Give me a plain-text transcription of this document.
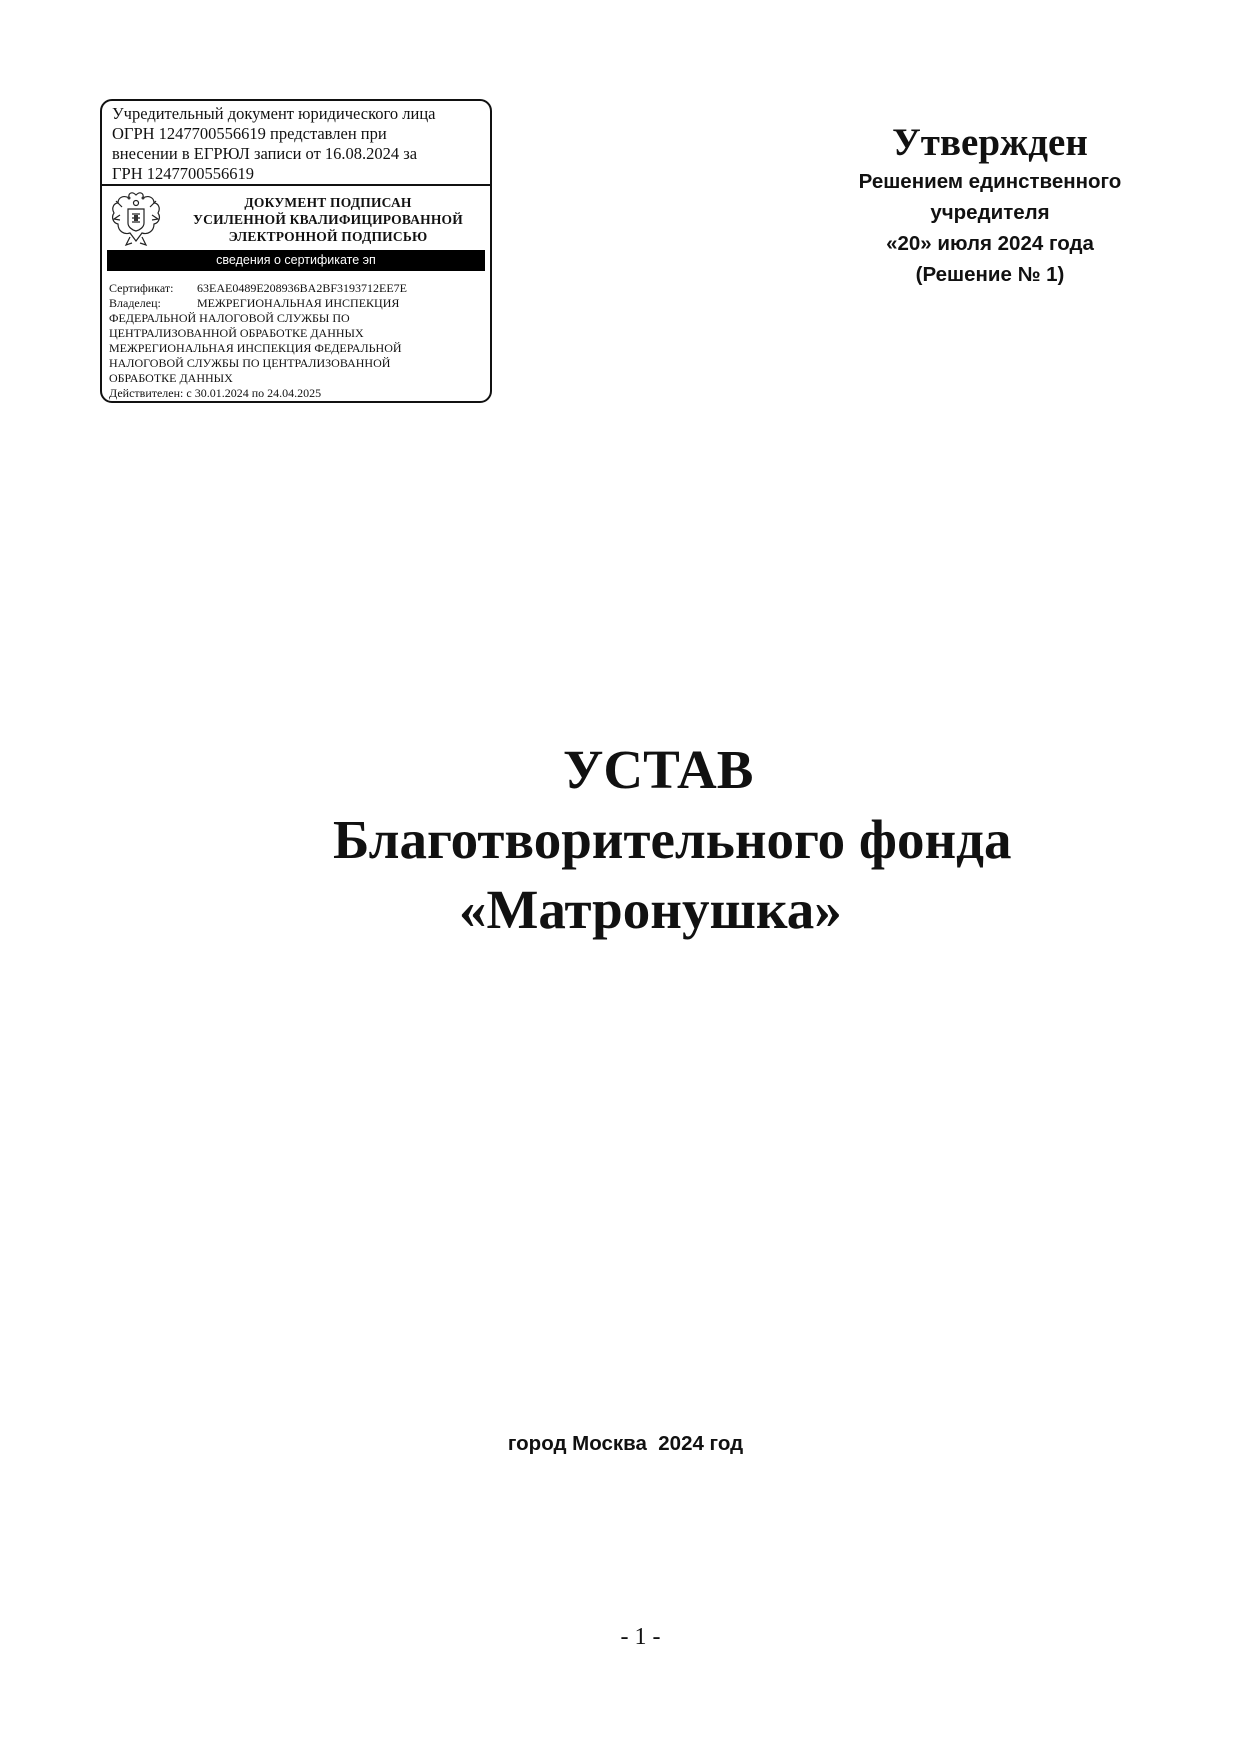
Учредительный документ юридического лица
ОГРН 1247700556619 представлен при
внесении в ЕГРЮЛ записи от 16.08.2024 за
ГРН 1247700556619
ДОКУМЕНТ ПОДПИСАН
УСИЛЕННОЙ КВАЛИФИЦИРОВАННОЙ
ЭЛЕКТРОННОЙ ПОДПИСЬЮ
сведения о сертификате эп
Сертификат: 63EAE0489E208936BA2BF3193712EE7E
Владелец:	МЕЖРЕГИОНАЛЬНАЯ ИНСПЕКЦИЯ
ФЕДЕРАЛЬНОЙ НАЛОГОВОЙ СЛУЖБЫ ПО
ЦЕНТРАЛИЗОВАННОЙ ОБРАБОТКЕ ДАННЫХ
МЕЖРЕГИОНАЛЬНАЯ ИНСПЕКЦИЯ ФЕДЕРАЛЬНОЙ
НАЛОГОВОЙ СЛУЖБЫ ПО ЦЕНТРАЛИЗОВАННОЙ
ОБРАБОТКЕ ДАННЫХ
Действителен: с 30.01.2024 по 24.04.2025
Утвержден
Решением единственного
учредителя
«20» июля 2024 года
(Решение № 1)
УСТАВ
Благотворительного фонда
«Матронушка»
город Москва  2024 год
- 1 -
